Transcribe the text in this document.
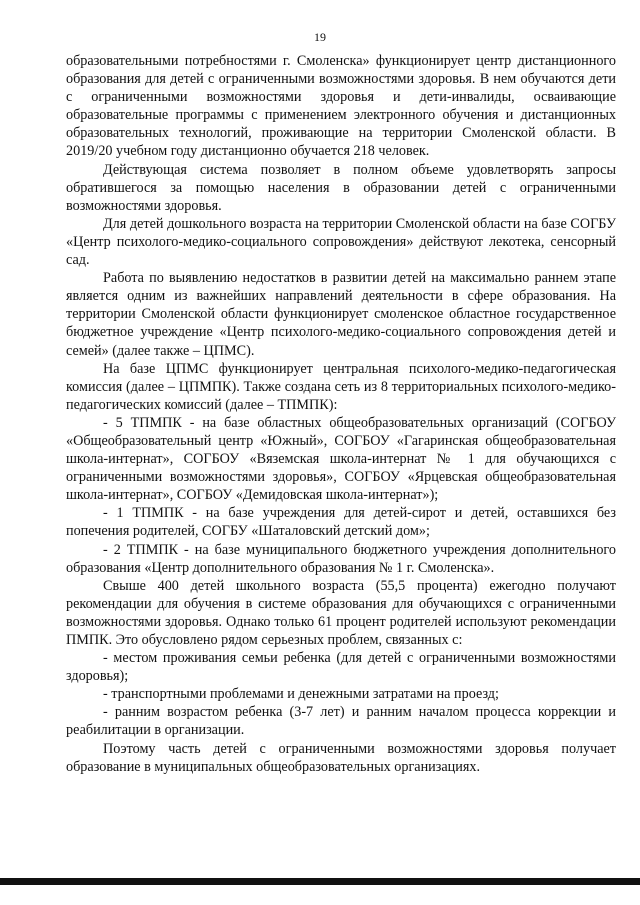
19

образовательными потребностями г. Смоленска» функционирует центр дистанционного образования для детей с ограниченными возможностями здоровья. В нем обучаются дети с ограниченными возможностями здоровья и дети-инвалиды, осваивающие образовательные программы с применением электронного обучения и дистанционных образовательных технологий, проживающие на территории Смоленской области. В 2019/20 учебном году дистанционно обучается 218 человек.

Действующая система позволяет в полном объеме удовлетворять запросы обратившегося за помощью населения в образовании детей с ограниченными возможностями здоровья.

Для детей дошкольного возраста на территории Смоленской области на базе СОГБУ «Центр психолого-медико-социального сопровождения» действуют лекотека, сенсорный сад.

Работа по выявлению недостатков в развитии детей на максимально раннем этапе является одним из важнейших направлений деятельности в сфере образования. На территории Смоленской области функционирует смоленское областное государственное бюджетное учреждение «Центр психолого-медико-социального сопровождения детей и семей» (далее также – ЦПМС).

На базе ЦПМС функционирует центральная психолого-медико-педагогическая комиссия (далее – ЦПМПК). Также создана сеть из 8 территориальных психолого-медико-педагогических комиссий (далее – ТПМПК):

- 5 ТПМПК - на базе областных общеобразовательных организаций (СОГБОУ «Общеобразовательный центр «Южный», СОГБОУ «Гагаринская общеобразовательная школа-интернат», СОГБОУ «Вяземская школа-интернат № 1 для обучающихся с ограниченными возможностями здоровья», СОГБОУ «Ярцевская общеобразовательная школа-интернат», СОГБОУ «Демидовская школа-интернат»);

- 1 ТПМПК - на базе учреждения для детей-сирот и детей, оставшихся без попечения родителей, СОГБУ «Шаталовский детский дом»;

- 2 ТПМПК - на базе муниципального бюджетного учреждения дополнительного образования «Центр дополнительного образования № 1 г. Смоленска».

Свыше 400 детей школьного возраста (55,5 процента) ежегодно получают рекомендации для обучения в системе образования для обучающихся с ограниченными возможностями здоровья. Однако только 61 процент родителей используют рекомендации ПМПК. Это обусловлено рядом серьезных проблем, связанных с:

- местом проживания семьи ребенка (для детей с ограниченными возможностями здоровья);

- транспортными проблемами и денежными затратами на проезд;

- ранним возрастом ребенка (3-7 лет) и ранним началом процесса коррекции и реабилитации в организации.

Поэтому часть детей с ограниченными возможностями здоровья получает образование в муниципальных общеобразовательных организациях.
